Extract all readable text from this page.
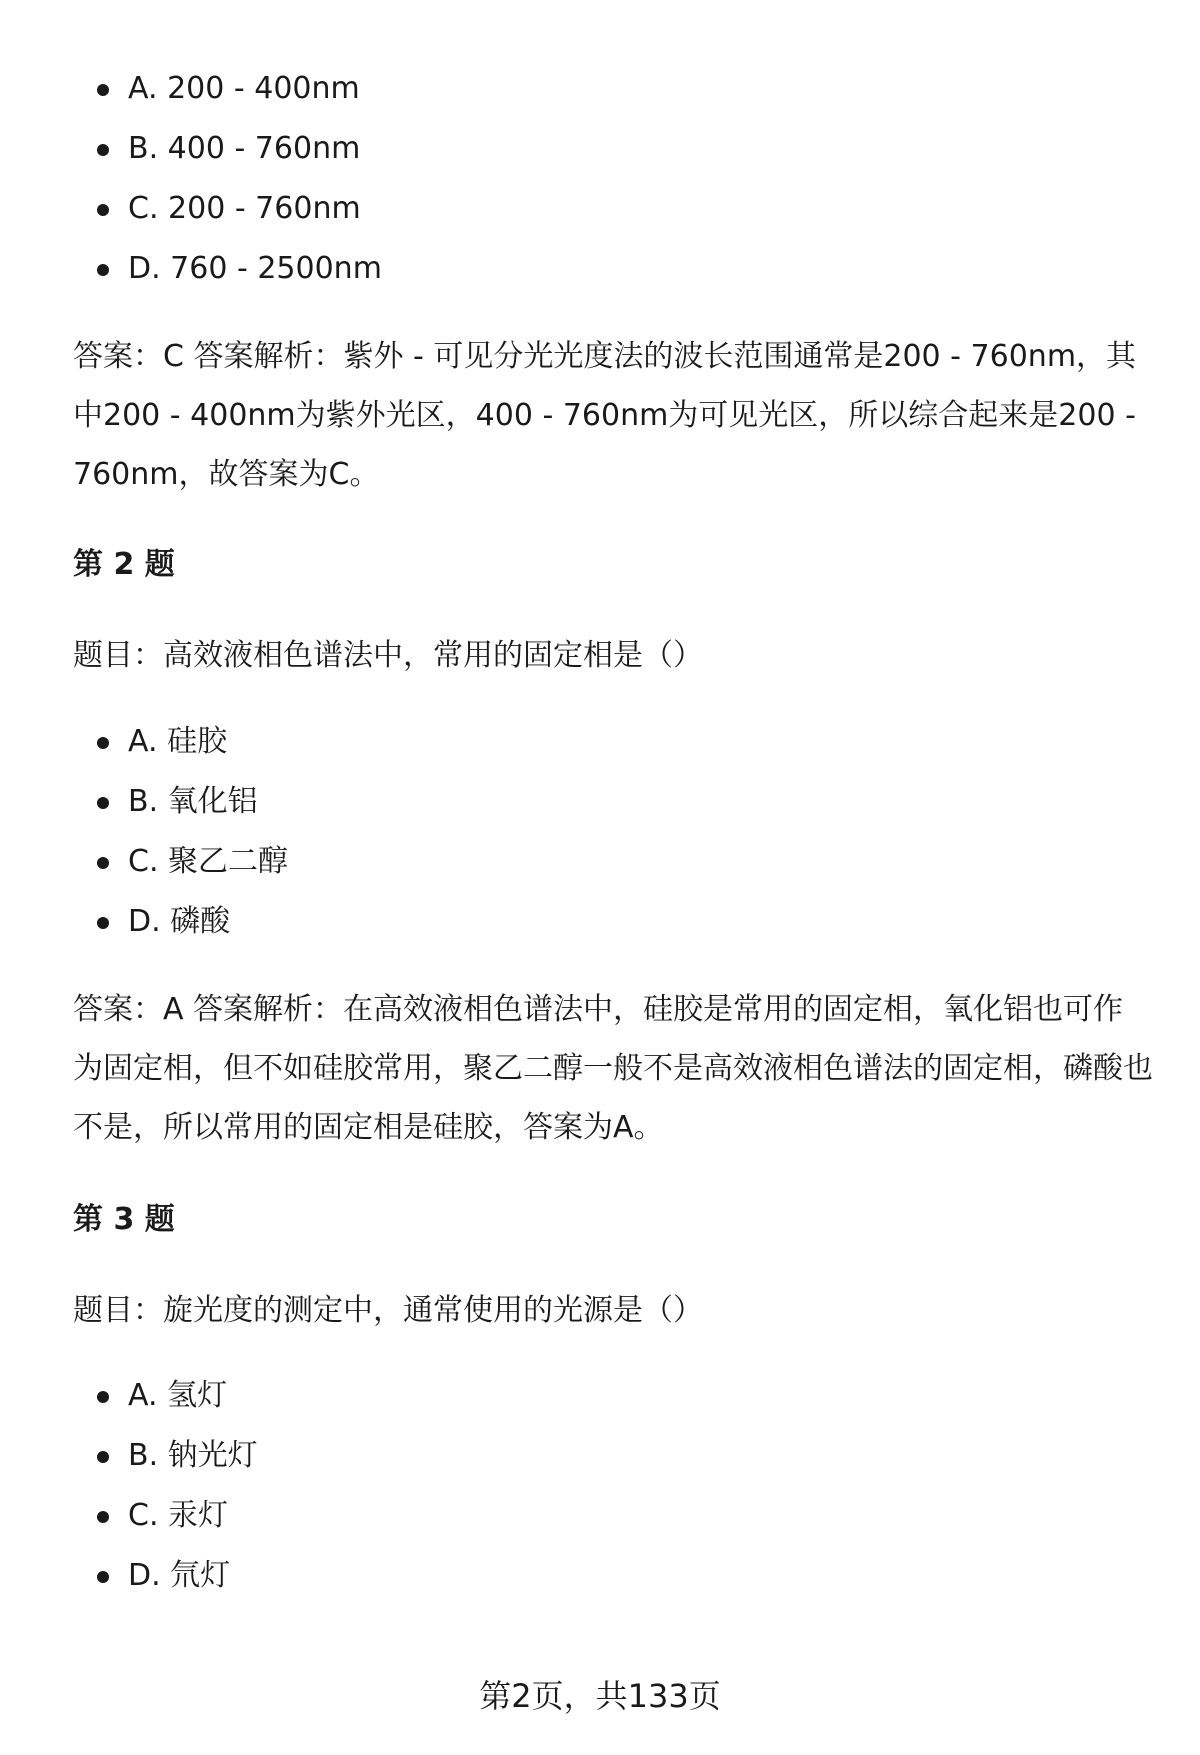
A. 200 - 400nm
B. 400 - 760nm
C. 200 - 760nm
D. 760 - 2500nm

答案：C 答案解析：紫外 - 可见分光光度法的波长范围通常是200 - 760nm，其中200 - 400nm为紫外光区，400 - 760nm为可见光区，所以综合起来是200 - 760nm，故答案为C。

第 2 题

题目：高效液相色谱法中，常用的固定相是（）

A. 硅胶
B. 氧化铝
C. 聚乙二醇
D. 磷酸

答案：A 答案解析：在高效液相色谱法中，硅胶是常用的固定相，氧化铝也可作为固定相，但不如硅胶常用，聚乙二醇一般不是高效液相色谱法的固定相，磷酸也不是，所以常用的固定相是硅胶，答案为A。

第 3 题

题目：旋光度的测定中，通常使用的光源是（）

A. 氢灯
B. 钠光灯
C. 汞灯
D. 氘灯
第2页，共133页
